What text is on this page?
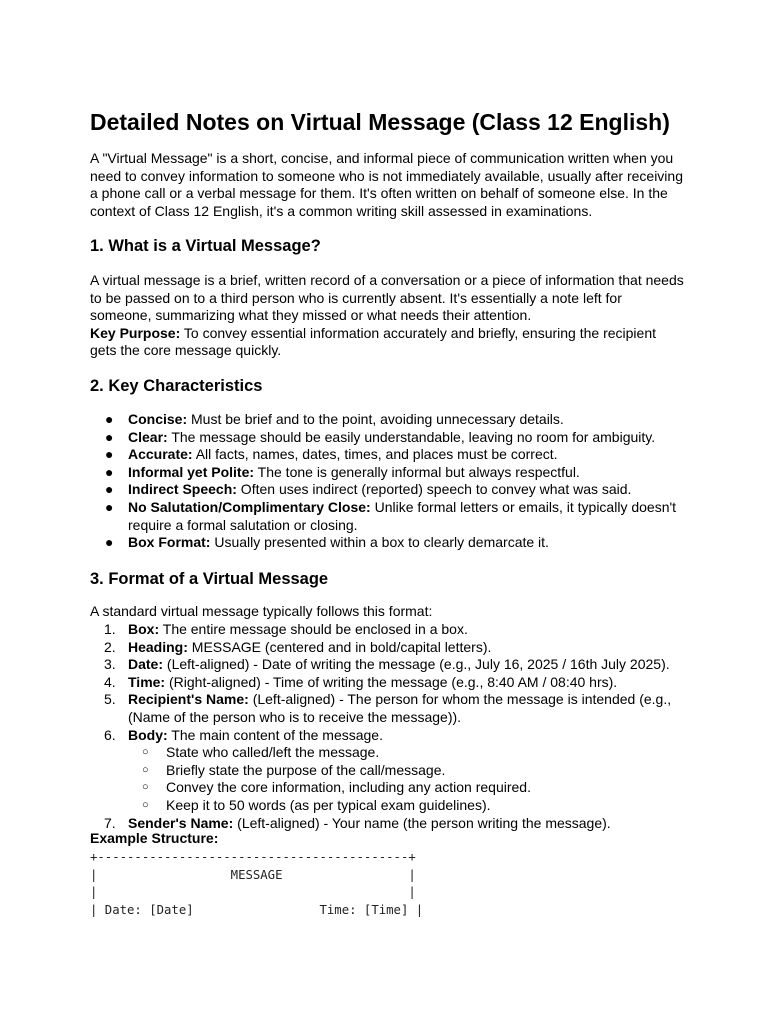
Detailed Notes on Virtual Message (Class 12 English)

A "Virtual Message" is a short, concise, and informal piece of communication written when you need to convey information to someone who is not immediately available, usually after receiving a phone call or a verbal message for them. It's often written on behalf of someone else. In the context of Class 12 English, it's a common writing skill assessed in examinations.

1. What is a Virtual Message?

A virtual message is a brief, written record of a conversation or a piece of information that needs to be passed on to a third person who is currently absent. It's essentially a note left for someone, summarizing what they missed or what needs their attention.
Key Purpose: To convey essential information accurately and briefly, ensuring the recipient gets the core message quickly.

2. Key Characteristics
● Concise: Must be brief and to the point, avoiding unnecessary details.
● Clear: The message should be easily understandable, leaving no room for ambiguity.
● Accurate: All facts, names, dates, times, and places must be correct.
● Informal yet Polite: The tone is generally informal but always respectful.
● Indirect Speech: Often uses indirect (reported) speech to convey what was said.
● No Salutation/Complimentary Close: Unlike formal letters or emails, it typically doesn't require a formal salutation or closing.
● Box Format: Usually presented within a box to clearly demarcate it.
3. Format of a Virtual Message

A standard virtual message typically follows this format:

1. Box: The entire message should be enclosed in a box.
2. Heading: MESSAGE (centered and in bold/capital letters).
3. Date: (Left-aligned) - Date of writing the message (e.g., July 16, 2025 / 16th July 2025).
4. Time: (Right-aligned) - Time of writing the message (e.g., 8:40 AM / 08:40 hrs).
5. Recipient's Name: (Left-aligned) - The person for whom the message is intended (e.g., (Name of the person who is to receive the message)).
6. Body: The main content of the message.
○ State who called/left the message.
○ Briefly state the purpose of the call/message.
○ Convey the core information, including any action required.
○ Keep it to 50 words (as per typical exam guidelines).
7. Sender's Name: (Left-aligned) - Your name (the person writing the message).
Example Structure:
+------------------------------------------+
|                  MESSAGE                 |
|                                          |
| Date: [Date]                 Time: [Time] |
